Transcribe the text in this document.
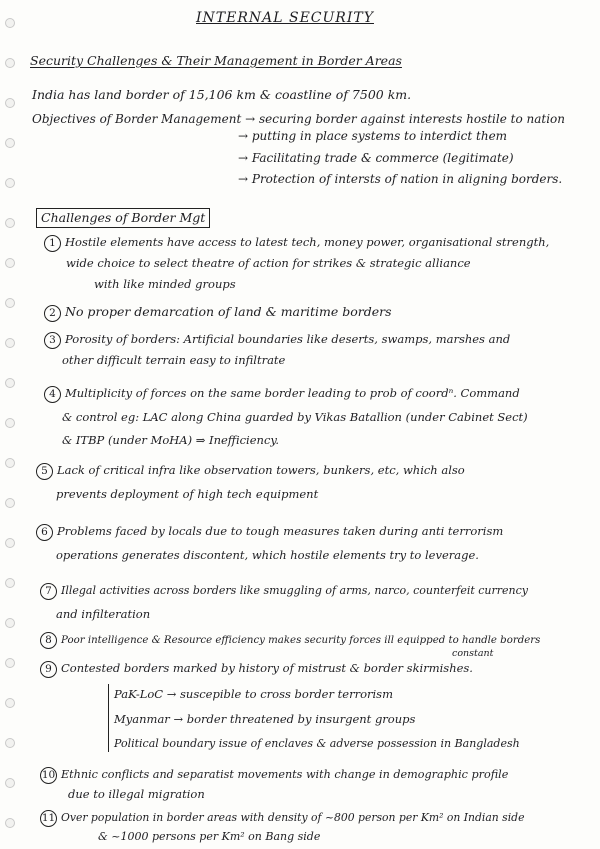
INTERNAL SECURITY
Security Challenges & Their Management in Border Areas
India has land border of 15,106 km & coastline of 7500 km.
Objectives of Border Management → securing border against interests hostile to nation
→ putting in place systems to interdict them
→ Facilitating trade & commerce (legitimate)
→ Protection of intersts of nation in aligning borders.
Challenges of Border Mgt
1 Hostile elements have access to latest tech, money power, organisational strength,
wide choice to select theatre of action for strikes & strategic alliance
with like minded groups
2 No proper demarcation of land & maritime borders
3 Porosity of borders: Artificial boundaries like deserts, swamps, marshes and
other difficult terrain easy to infiltrate
4 Multiplicity of forces on the same border leading to prob of coordⁿ. Command
& control eg: LAC along China guarded by Vikas Batallion (under Cabinet Sect)
& ITBP (under MoHA) ⇒ Inefficiency.
5 Lack of critical infra like observation towers, bunkers, etc, which also
prevents deployment of high tech equipment
6 Problems faced by locals due to tough measures taken during anti terrorism
operations generates discontent, which hostile elements try to leverage.
7 Illegal activities across borders like smuggling of arms, narco, counterfeit currency
and infilteration
8 Poor intelligence & Resource efficiency makes security forces ill equipped to handle borders
constant
9 Contested borders marked by history of mistrust & border skirmishes.
PaK-LoC → suscepible to cross border terrorism
Myanmar → border threatened by insurgent groups
Political boundary issue of enclaves & adverse possession in Bangladesh
10 Ethnic conflicts and separatist movements with change in demographic profile
due to illegal migration
11 Over population in border areas with density of ~800 person per Km² on Indian side
& ~1000 persons per Km² on Bang side
